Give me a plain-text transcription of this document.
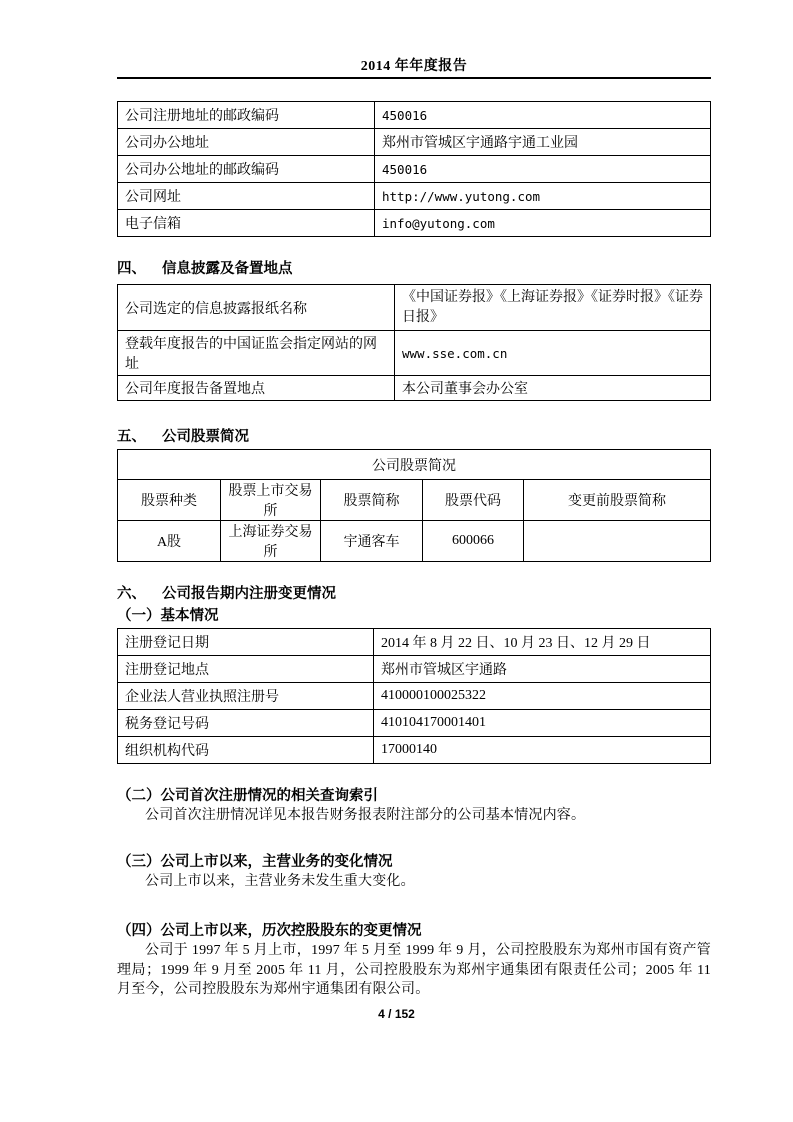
2014 年年度报告
公司注册地址的邮政编码	450016
公司办公地址	郑州市管城区宇通路宇通工业园
公司办公地址的邮政编码	450016
公司网址	http://www.yutong.com
电子信箱	info@yutong.com
四、 信息披露及备置地点
公司选定的信息披露报纸名称	《中国证券报》《上海证券报》《证券时报》《证券日报》
登载年度报告的中国证监会指定网站的网址	www.sse.com.cn
公司年度报告备置地点	本公司董事会办公室
五、 公司股票简况
公司股票简况				
股票种类	股票上市交易所	股票简称	股票代码	变更前股票简称
A股	上海证券交易所	宇通客车	600066	
六、 公司报告期内注册变更情况
（一）基本情况
注册登记日期	2014 年 8 月 22 日、10 月 23 日、12 月 29 日
注册登记地点	郑州市管城区宇通路
企业法人营业执照注册号	410000100025322
税务登记号码	410104170001401
组织机构代码	17000140
（二）公司首次注册情况的相关查询索引

公司首次注册情况详见本报告财务报表附注部分的公司基本情况内容。

（三）公司上市以来，主营业务的变化情况

公司上市以来，主营业务未发生重大变化。

（四）公司上市以来，历次控股股东的变更情况

公司于 1997 年 5 月上市，1997 年 5 月至 1999 年 9 月，公司控股股东为郑州市国有资产管理局；1999 年 9 月至 2005 年 11 月，公司控股股东为郑州宇通集团有限责任公司；2005 年 11 月至今，公司控股股东为郑州宇通集团有限公司。

4 / 152
